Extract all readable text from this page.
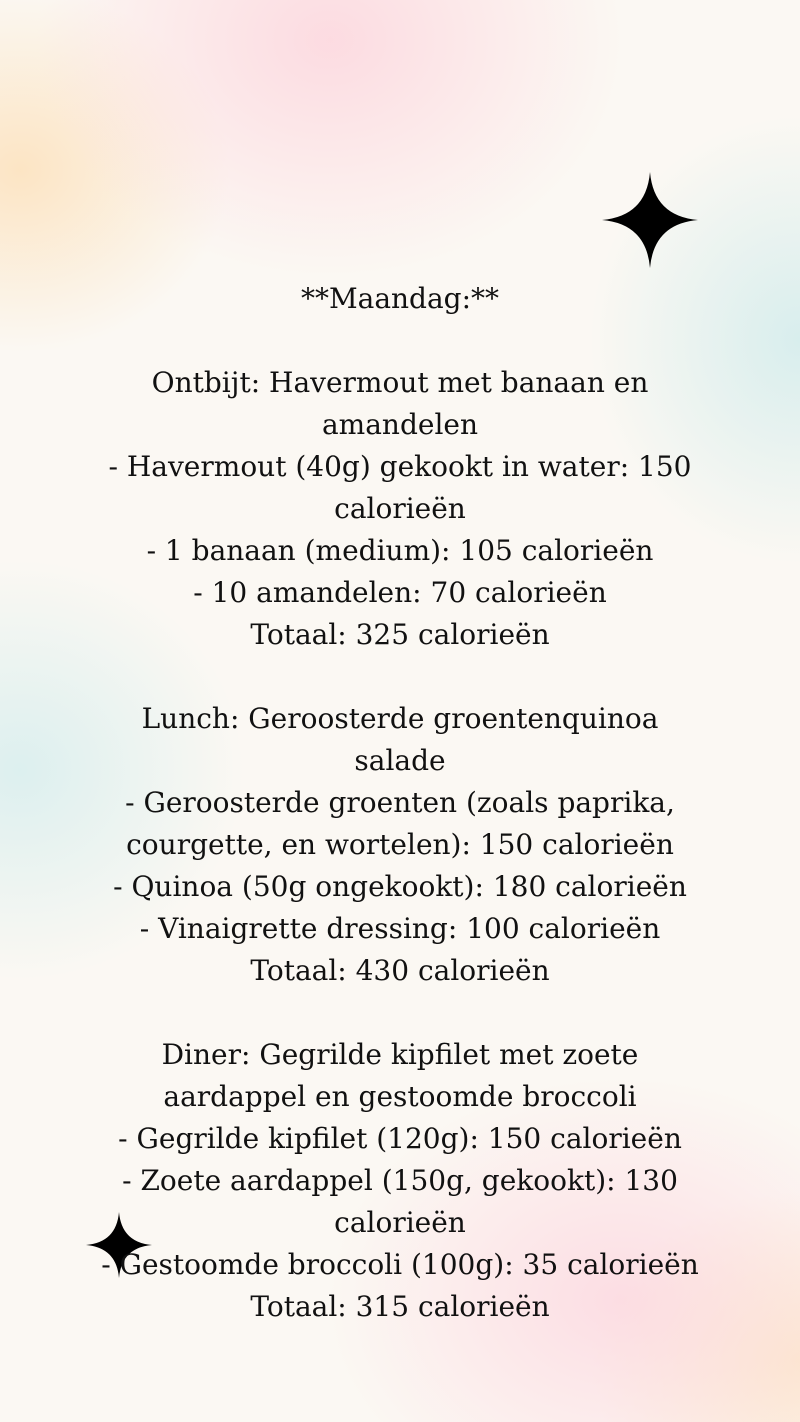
**Maandag:**
Ontbijt: Havermout met banaan en
amandelen
- Havermout (40g) gekookt in water: 150
calorieën
- 1 banaan (medium): 105 calorieën
- 10 amandelen: 70 calorieën
Totaal: 325 calorieën
Lunch: Geroosterde groentenquinoa
salade
- Geroosterde groenten (zoals paprika,
courgette, en wortelen): 150 calorieën
- Quinoa (50g ongekookt): 180 calorieën
- Vinaigrette dressing: 100 calorieën
Totaal: 430 calorieën
Diner: Gegrilde kipfilet met zoete
aardappel en gestoomde broccoli
- Gegrilde kipfilet (120g): 150 calorieën
- Zoete aardappel (150g, gekookt): 130
calorieën
- Gestoomde broccoli (100g): 35 calorieën
Totaal: 315 calorieën
